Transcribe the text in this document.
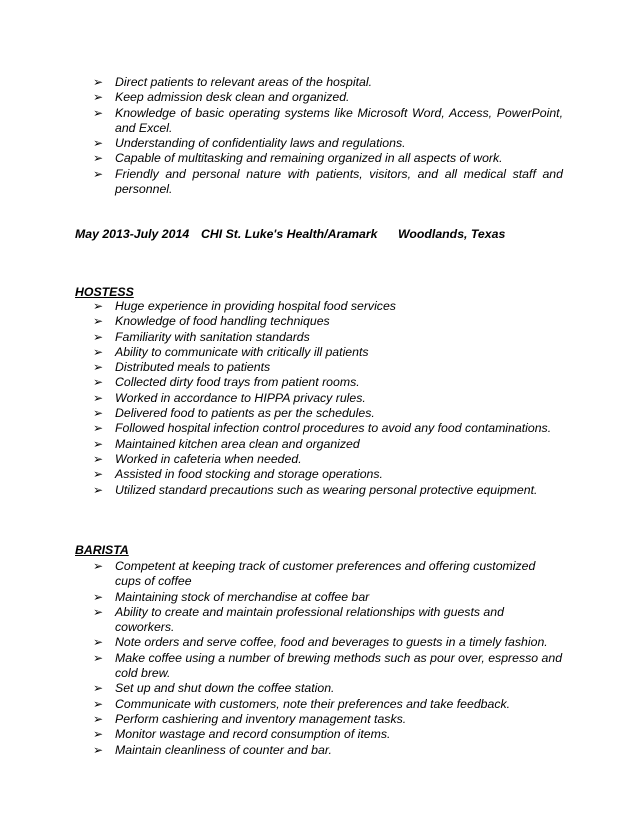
➢ Direct patients to relevant areas of the hospital.
➢ Keep admission desk clean and organized.
➢ Knowledge of basic operating systems like Microsoft Word, Access, PowerPoint, and Excel.
➢ Understanding of confidentiality laws and regulations.
➢ Capable of multitasking and remaining organized in all aspects of work.
➢ Friendly and personal nature with patients, visitors, and all medical staff and personnel.
May 2013-July 2014 CHI St. Luke's Health/Aramark Woodlands, Texas
HOSTESS
➢ Huge experience in providing hospital food services
➢ Knowledge of food handling techniques
➢ Familiarity with sanitation standards
➢ Ability to communicate with critically ill patients
➢ Distributed meals to patients
➢ Collected dirty food trays from patient rooms.
➢ Worked in accordance to HIPPA privacy rules.
➢ Delivered food to patients as per the schedules.
➢ Followed hospital infection control procedures to avoid any food contaminations.
➢ Maintained kitchen area clean and organized
➢ Worked in cafeteria when needed.
➢ Assisted in food stocking and storage operations.
➢ Utilized standard precautions such as wearing personal protective equipment.
BARISTA
➢ Competent at keeping track of customer preferences and offering customized cups of coffee
➢ Maintaining stock of merchandise at coffee bar
➢ Ability to create and maintain professional relationships with guests and coworkers.
➢ Note orders and serve coffee, food and beverages to guests in a timely fashion.
➢ Make coffee using a number of brewing methods such as pour over, espresso and cold brew.
➢ Set up and shut down the coffee station.
➢ Communicate with customers, note their preferences and take feedback.
➢ Perform cashiering and inventory management tasks.
➢ Monitor wastage and record consumption of items.
➢ Maintain cleanliness of counter and bar.
